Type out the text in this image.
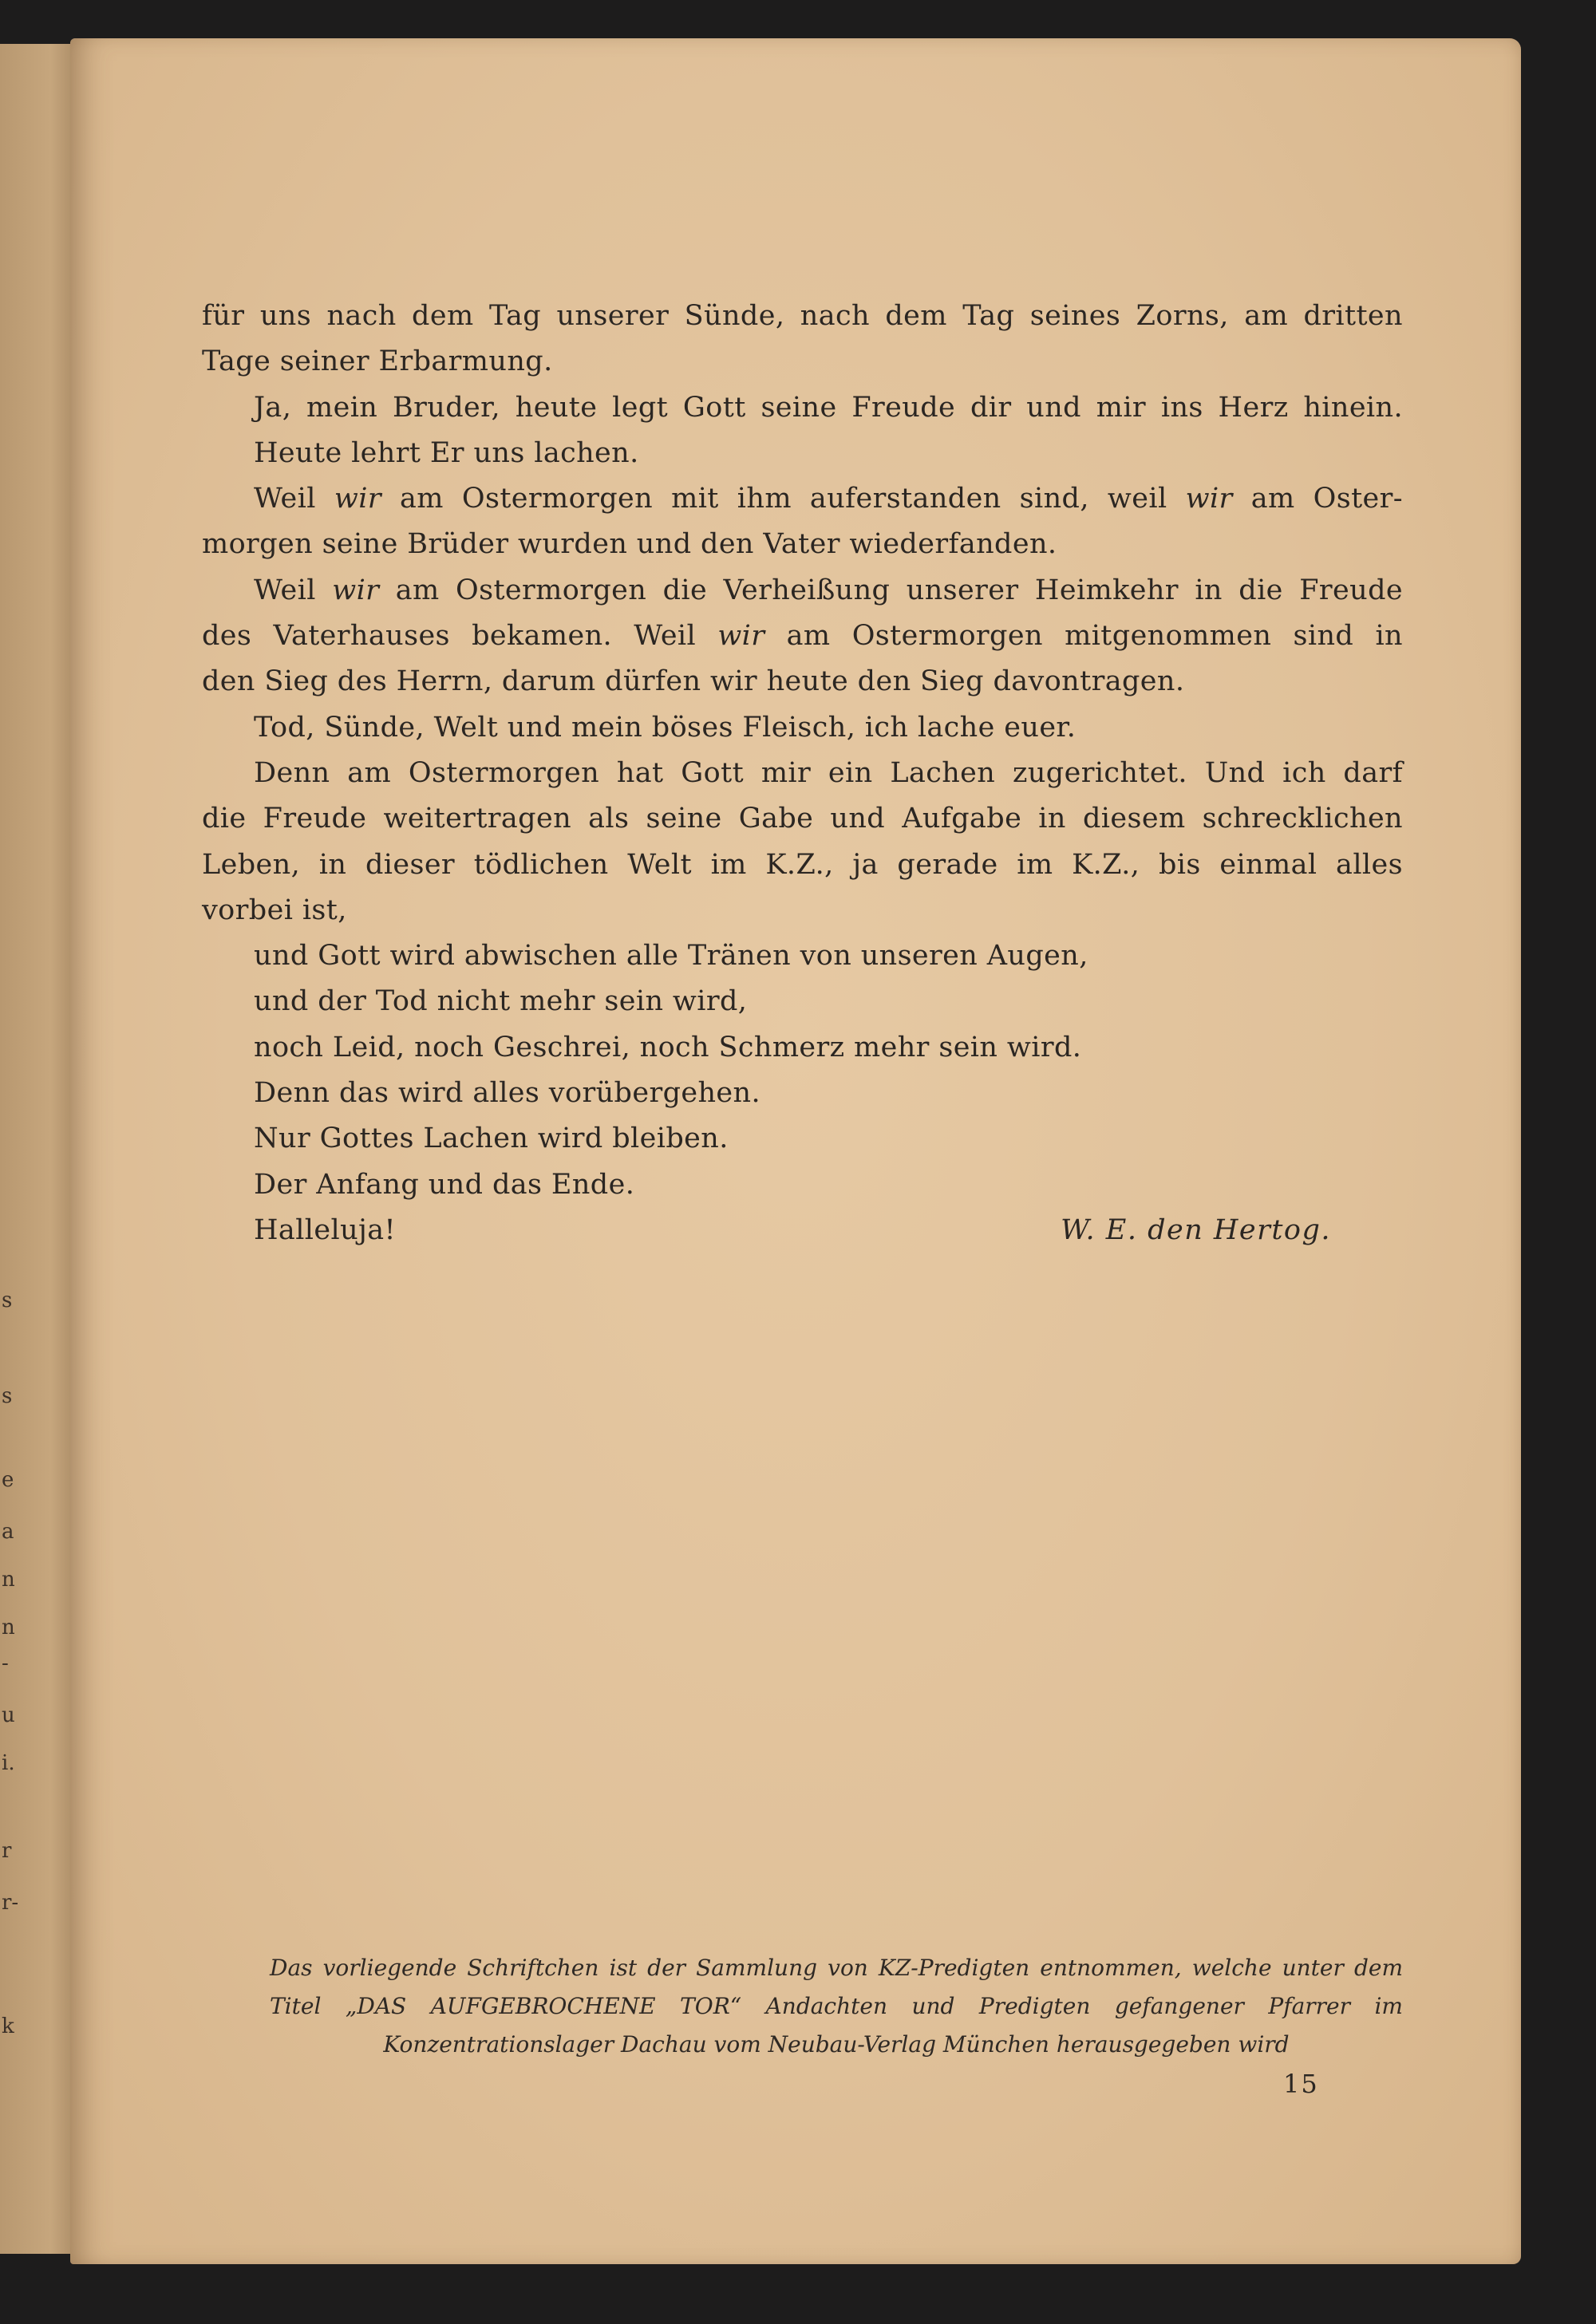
s
s
e
a
n
n
-
u
i.
r
r-
k
für uns nach dem Tag unserer Sünde, nach dem Tag seines Zorns, am dritten
Tage seiner Erbarmung.
Ja, mein Bruder, heute legt Gott seine Freude dir und mir ins Herz hinein.
Heute lehrt Er uns lachen.
Weil wir am Ostermorgen mit ihm auferstanden sind, weil wir am Oster-
morgen seine Brüder wurden und den Vater wiederfanden.
Weil wir am Ostermorgen die Verheißung unserer Heimkehr in die Freude
des Vaterhauses bekamen. Weil wir am Ostermorgen mitgenommen sind in
den Sieg des Herrn, darum dürfen wir heute den Sieg davontragen.
Tod, Sünde, Welt und mein böses Fleisch, ich lache euer.
Denn am Ostermorgen hat Gott mir ein Lachen zugerichtet. Und ich darf
die Freude weitertragen als seine Gabe und Aufgabe in diesem schrecklichen
Leben, in dieser tödlichen Welt im K.Z., ja gerade im K.Z., bis einmal alles
vorbei ist,
und Gott wird abwischen alle Tränen von unseren Augen,
und der Tod nicht mehr sein wird,
noch Leid, noch Geschrei, noch Schmerz mehr sein wird.
Denn das wird alles vorübergehen.
Nur Gottes Lachen wird bleiben.
Der Anfang und das Ende.
Halleluja!	W. E. den Hertog.
Das vorliegende Schriftchen ist der Sammlung von KZ-Predigten entnommen, welche unter dem
Titel „DAS AUFGEBROCHENE TOR“ Andachten und Predigten gefangener Pfarrer im
Konzentrationslager Dachau vom Neubau-Verlag München herausgegeben wird
15
